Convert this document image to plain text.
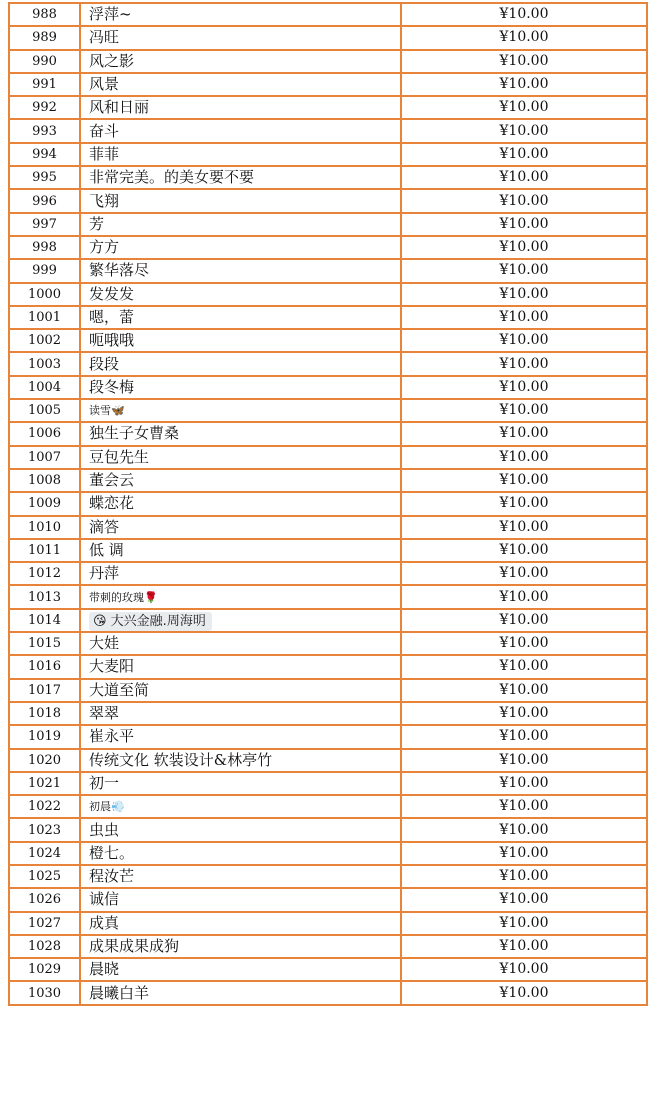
988	浮萍~	¥10.00
989	冯旺	¥10.00
990	风之影	¥10.00
991	风景	¥10.00
992	风和日丽	¥10.00
993	奋斗	¥10.00
994	菲菲	¥10.00
995	非常完美。的美女要不要	¥10.00
996	飞翔	¥10.00
997	芳	¥10.00
998	方方	¥10.00
999	繁华落尽	¥10.00
1000	发发发	¥10.00
1001	嗯，蕾	¥10.00
1002	呃哦哦	¥10.00
1003	段段	¥10.00
1004	段冬梅	¥10.00
1005	读雪🦋	¥10.00
1006	独生子女曹桑	¥10.00
1007	豆包先生	¥10.00
1008	董会云	¥10.00
1009	蝶恋花	¥10.00
1010	滴答	¥10.00
1011	低 调	¥10.00
1012	丹萍	¥10.00
1013	带刺的玫瑰🌹	¥10.00
1014	😘 大兴金融.周海明	¥10.00
1015	大娃	¥10.00
1016	大麦阳	¥10.00
1017	大道至简	¥10.00
1018	翠翠	¥10.00
1019	崔永平	¥10.00
1020	传统文化 软装设计&林亭竹	¥10.00
1021	初一	¥10.00
1022	初晨💨	¥10.00
1023	虫虫	¥10.00
1024	橙七。	¥10.00
1025	程汝芒	¥10.00
1026	诚信	¥10.00
1027	成真	¥10.00
1028	成果成果成狗	¥10.00
1029	晨晓	¥10.00
1030	晨曦白羊	¥10.00
